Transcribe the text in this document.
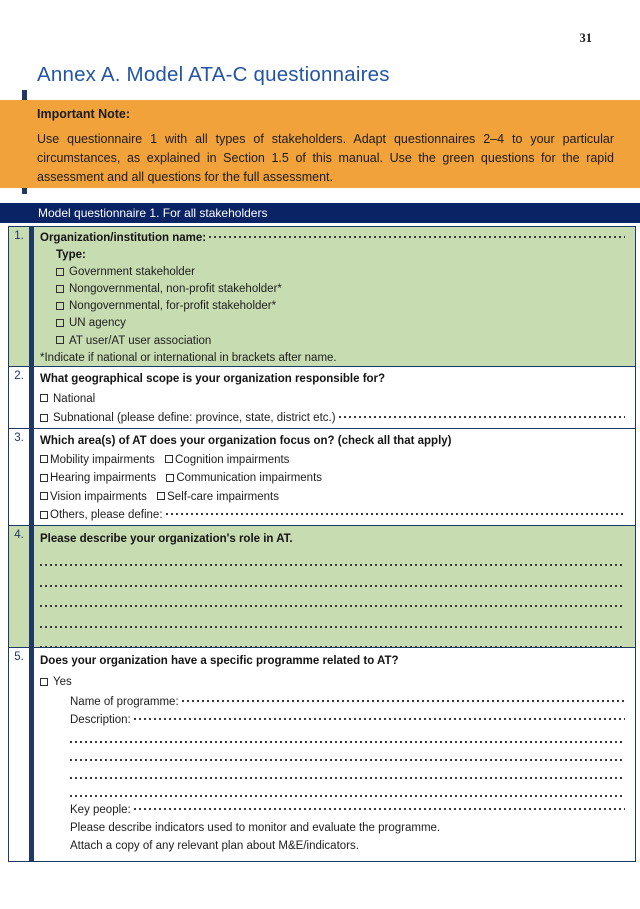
31
Annex A. Model ATA-C questionnaires
Important Note:

Use questionnaire 1 with all types of stakeholders. Adapt questionnaires 2–4 to your particular circumstances, as explained in Section 1.5 of this manual. Use the green questions for the rapid assessment and all questions for the full assessment.

Model questionnaire 1. For all stakeholders
1.	Organization/institution name:
Type:
Government stakeholder
Nongovernmental, non-profit stakeholder*
Nongovernmental, for-profit stakeholder*
UN agency
AT user/AT user association
*Indicate if national or international in brackets after name.
2.	What geographical scope is your organization responsible for?
National
Subnational (please define: province, state, district etc.)
3.	Which area(s) of AT does your organization focus on? (check all that apply)
Mobility impairments Cognition impairments
Hearing impairments Communication impairments
Vision impairments Self-care impairments
Others, please define:
4.	Please describe your organization's role in AT.
5.	Does your organization have a specific programme related to AT?
Yes
Name of programme:
Description:
Key people:
Please describe indicators used to monitor and evaluate the programme.
Attach a copy of any relevant plan about M&E/indicators.
